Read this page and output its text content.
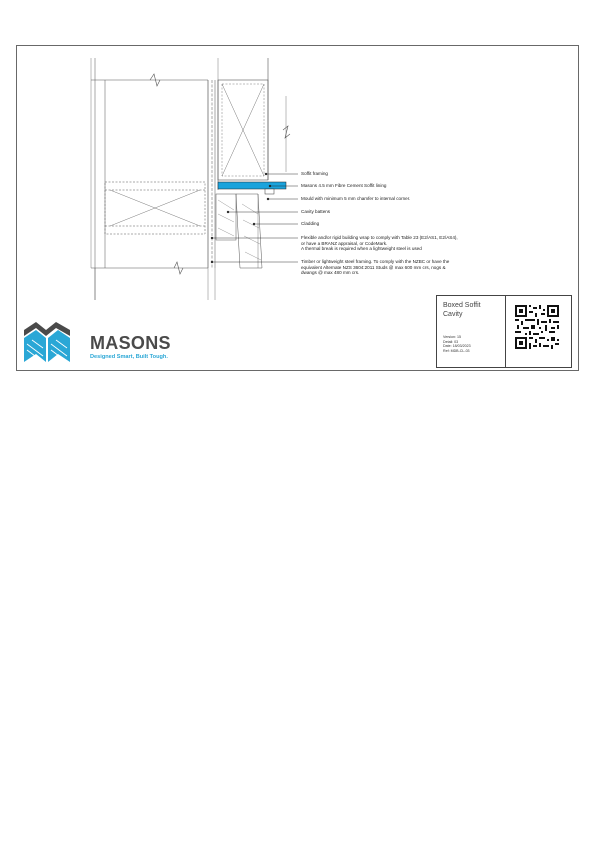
Soffit framing
Masons 4.5 mm Fibre Cement Soffit lining
Mould with minimum 5 mm chamfer to internal corner.
Cavity battens
Cladding
Flexible and/or rigid building wrap to comply with Table 23 (E2/AS1, E2/AS4),
or have a BRANZ appraisal, or CodeMark.
A thermal break is required when a lightweight steel is used
Timber or lightweight steel framing. To comply with the NZBC or have the
equivalent Alternate NZS 3604:2011 Studs @ max 600 mm crs, nogs &
dwangs @ max 480 mm crs.
MASONS
Designed Smart, Built Tough.
Boxed Soffit
Cavity
Version: 15
Detail: 03
Date: 18/03/2023
Ref: MDB-CL-03
